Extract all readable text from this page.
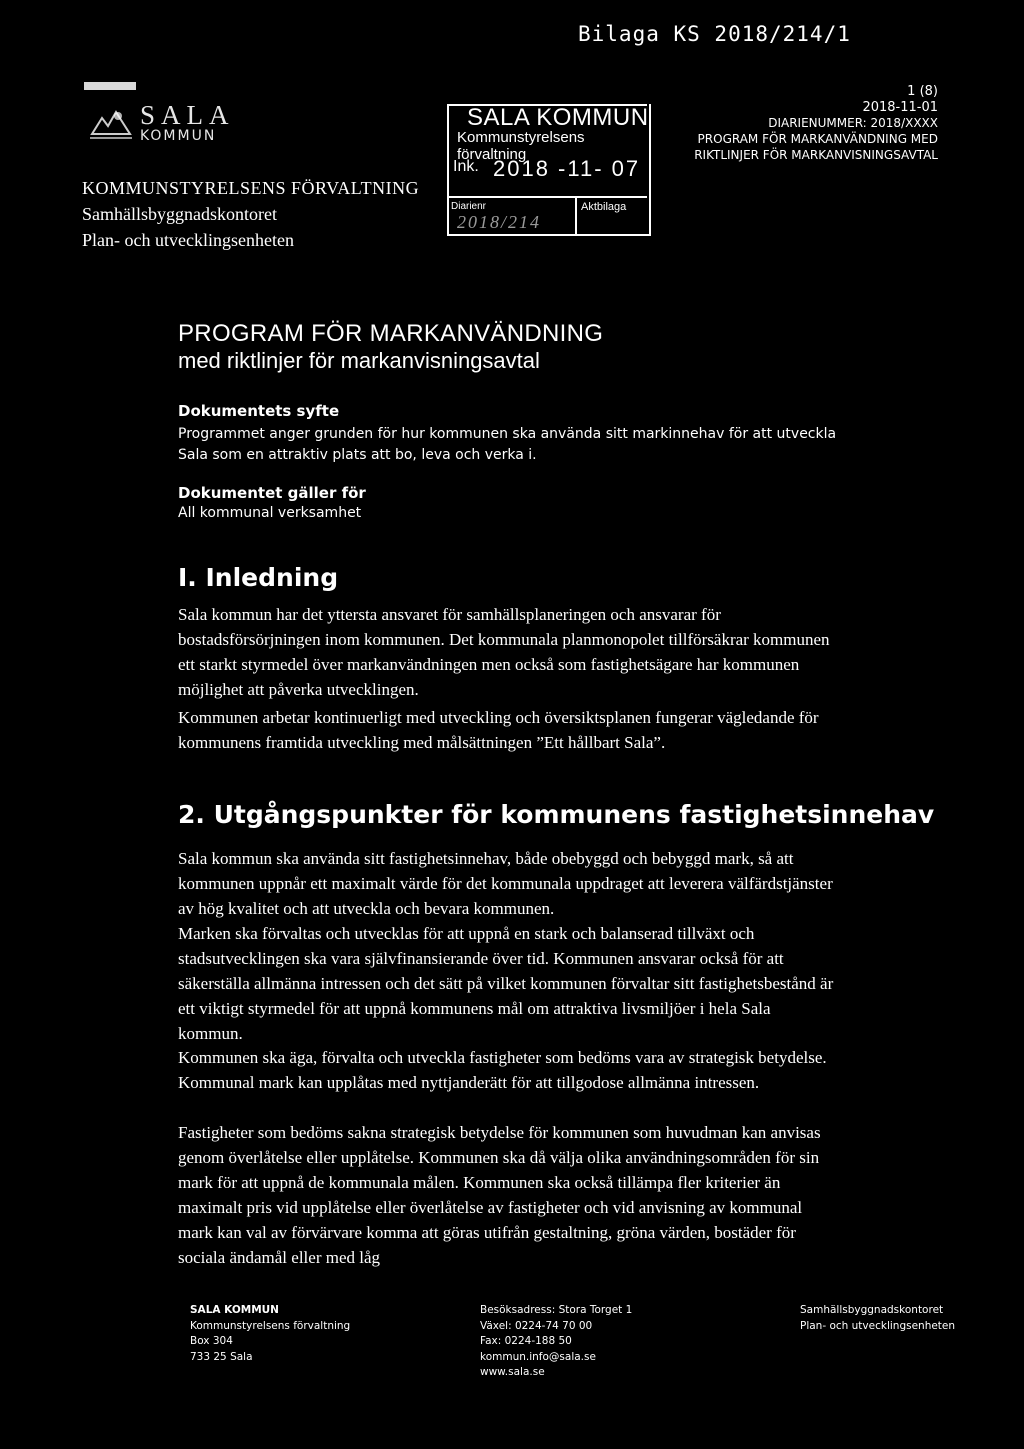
Bilaga KS 2018/214/1
SALA
KOMMUN
KOMMUNSTYRELSENS FÖRVALTNING
Samhällsbyggnadskontoret
Plan- och utvecklingsenheten
SALA KOMMUN
Kommunstyrelsens förvaltning
Ink. 2018 -11- 07
Diarienr	Aktbilaga
2018/214
1 (8)
2018-11-01
DIARIENUMMER: 2018/XXXX
PROGRAM FÖR MARKANVÄNDNING MED
RIKTLINJER FÖR MARKANVISNINGSAVTAL
PROGRAM FÖR MARKANVÄNDNING
med riktlinjer för markanvisningsavtal
Dokumentets syfte
Programmet anger grunden för hur kommunen ska använda sitt markinnehav för att utveckla Sala som en attraktiv plats att bo, leva och verka i.
Dokumentet gäller för
All kommunal verksamhet
I. Inledning
Sala kommun har det yttersta ansvaret för samhällsplaneringen och ansvarar för bostadsförsörjningen inom kommunen. Det kommunala planmonopolet tillförsäkrar kommunen ett starkt styrmedel över markanvändningen men också som fastighetsägare har kommunen möjlighet att påverka utvecklingen.
Kommunen arbetar kontinuerligt med utveckling och översiktsplanen fungerar vägledande för kommunens framtida utveckling med målsättningen ”Ett hållbart Sala”.
2. Utgångspunkter för kommunens fastighetsinnehav
Sala kommun ska använda sitt fastighetsinnehav, både obebyggd och bebyggd mark, så att kommunen uppnår ett maximalt värde för det kommunala uppdraget att leverera välfärdstjänster av hög kvalitet och att utveckla och bevara kommunen.
Marken ska förvaltas och utvecklas för att uppnå en stark och balanserad tillväxt och stadsutvecklingen ska vara självfinansierande över tid. Kommunen ansvarar också för att säkerställa allmänna intressen och det sätt på vilket kommunen förvaltar sitt fastighetsbestånd är ett viktigt styrmedel för att uppnå kommunens mål om attraktiva livsmiljöer i hela Sala kommun.
Kommunen ska äga, förvalta och utveckla fastigheter som bedöms vara av strategisk betydelse. Kommunal mark kan upplåtas med nyttjanderätt för att tillgodose allmänna intressen.
Fastigheter som bedöms sakna strategisk betydelse för kommunen som huvudman kan anvisas genom överlåtelse eller upplåtelse. Kommunen ska då välja olika användningsområden för sin mark för att uppnå de kommunala målen. Kommunen ska också tillämpa fler kriterier än maximalt pris vid upplåtelse eller överlåtelse av fastigheter och vid anvisning av kommunal mark kan val av förvärvare komma att göras utifrån gestaltning, gröna värden, bostäder för sociala ändamål eller med låg
SALA KOMMUN
Kommunstyrelsens förvaltning
Box 304
733 25 Sala
Besöksadress: Stora Torget 1
Växel: 0224-74 70 00
Fax: 0224-188 50
kommun.info@sala.se
www.sala.se
Samhällsbyggnadskontoret
Plan- och utvecklingsenheten
